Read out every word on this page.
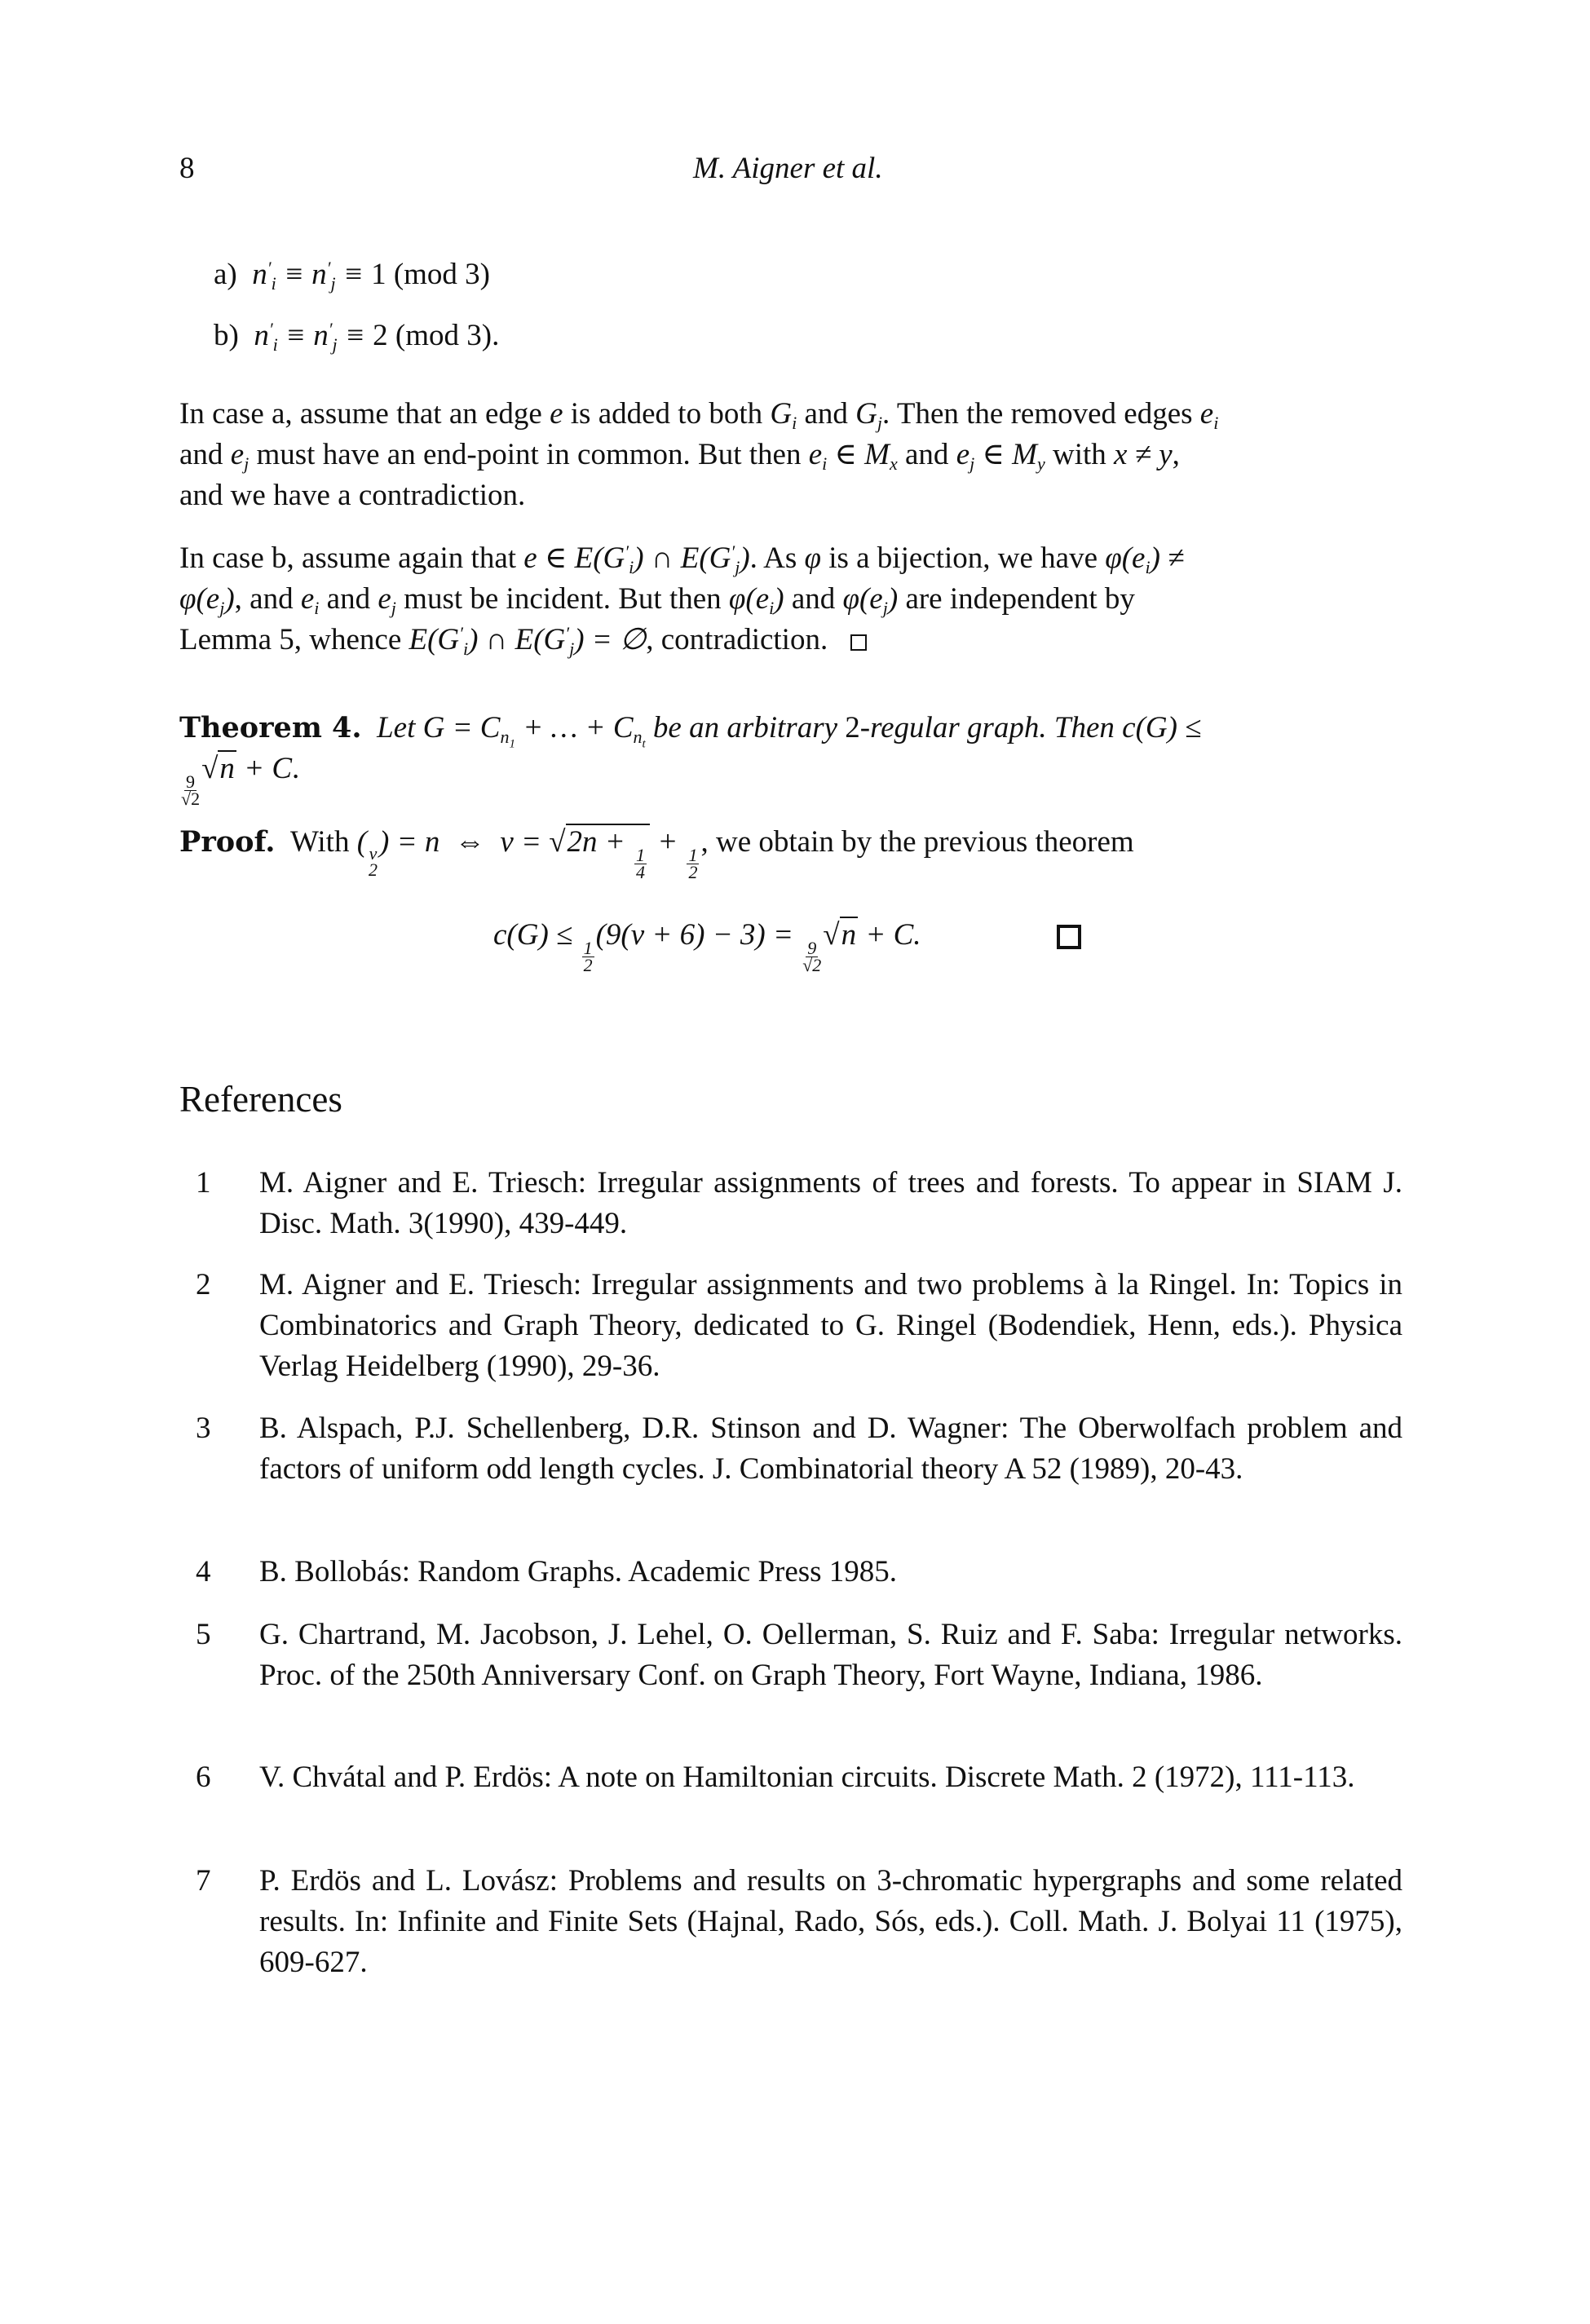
8	M. Aigner et al.
a)  $n'_i \equiv n'_j \equiv 1$ (mod 3)
b)  $n'_i \equiv n'_j \equiv 2$ (mod 3).
In case a, assume that an edge e is added to both $G_i$ and $G_j$. Then the removed edges $e_i$
and $e_j$ must have an end-point in common. But then $e_i$ ∈ $M_x$ and $e_j$ ∈ $M_y$ with x ≠ y,
and we have a contradiction.
In case b, assume again that e ∈ $E(G'_i)$ ∩ $E(G'_j)$. As φ is a bijection, we have $\varphi(e_i)$ ≠
$\varphi(e_j)$, and $e_i$ and $e_j$ must be incident. But then $\varphi(e_i)$ and $\varphi(e_j)$ are independent by
Lemma 5, whence $E(G'_i)$ ∩ $E(G'_j)$ = ∅, contradiction.
Theorem 4. Let $G = C_{n_1}$ + … + $C_{n_t}$ be an arbitrary 2-regular graph. Then c(G) ≤
$\frac{9}{√2}$
√n + C.
Proof. With ( v
2
) = n  ⇔  v = √2n +
$\frac{1}{4}$
+
$\frac{1}{2}$
, we obtain by the previous theorem
c(G) ≤
$\frac{1}{2}$
(9(v + 6) − 3) =
$\frac{9}{√2}$
√n + C.
References
1 M. Aigner and E. Triesch: Irregular assignments of trees and forests. To appear in SIAM J. Disc. Math. 3(1990), 439-449.
2 M. Aigner and E. Triesch: Irregular assignments and two problems à la Ringel. In: Topics in Combinatorics and Graph Theory, dedicated to G. Ringel (Bodendiek, Henn, eds.). Physica Verlag Heidelberg (1990), 29-36.
3 B. Alspach, P.J. Schellenberg, D.R. Stinson and D. Wagner: The Oberwolfach problem and factors of uniform odd length cycles. J. Combinatorial theory A 52 (1989), 20-43.
4 B. Bollobás: Random Graphs. Academic Press 1985.
5 G. Chartrand, M. Jacobson, J. Lehel, O. Oellerman, S. Ruiz and F. Saba: Irregular networks. Proc. of the 250th Anniversary Conf. on Graph Theory, Fort Wayne, Indiana, 1986.
6 V. Chvátal and P. Erdös: A note on Hamiltonian circuits. Discrete Math. 2 (1972), 111-113.
7 P. Erdös and L. Lovász: Problems and results on 3-chromatic hypergraphs and some related results. In: Infinite and Finite Sets (Hajnal, Rado, Sós, eds.). Coll. Math. J. Bolyai 11 (1975), 609-627.
